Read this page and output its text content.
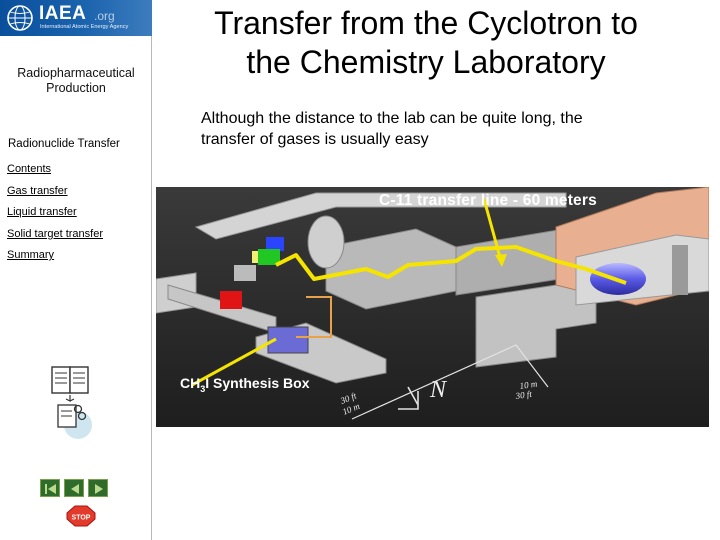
IAEA .org
International Atomic Energy Agency
Radiopharmaceutical
Production
Radionuclide Transfer
Contents
Gas transfer
Liquid transfer
Solid target transfer
Summary
STOP
Transfer from the Cyclotron to
the Chemistry Laboratory
Although the distance to the lab can be quite long, the
transfer of gases is usually easy
N
10 m
30 ft	30 ft
10 m
C-11 transfer line - 60 meters
$CH_3I$ Synthesis Box
